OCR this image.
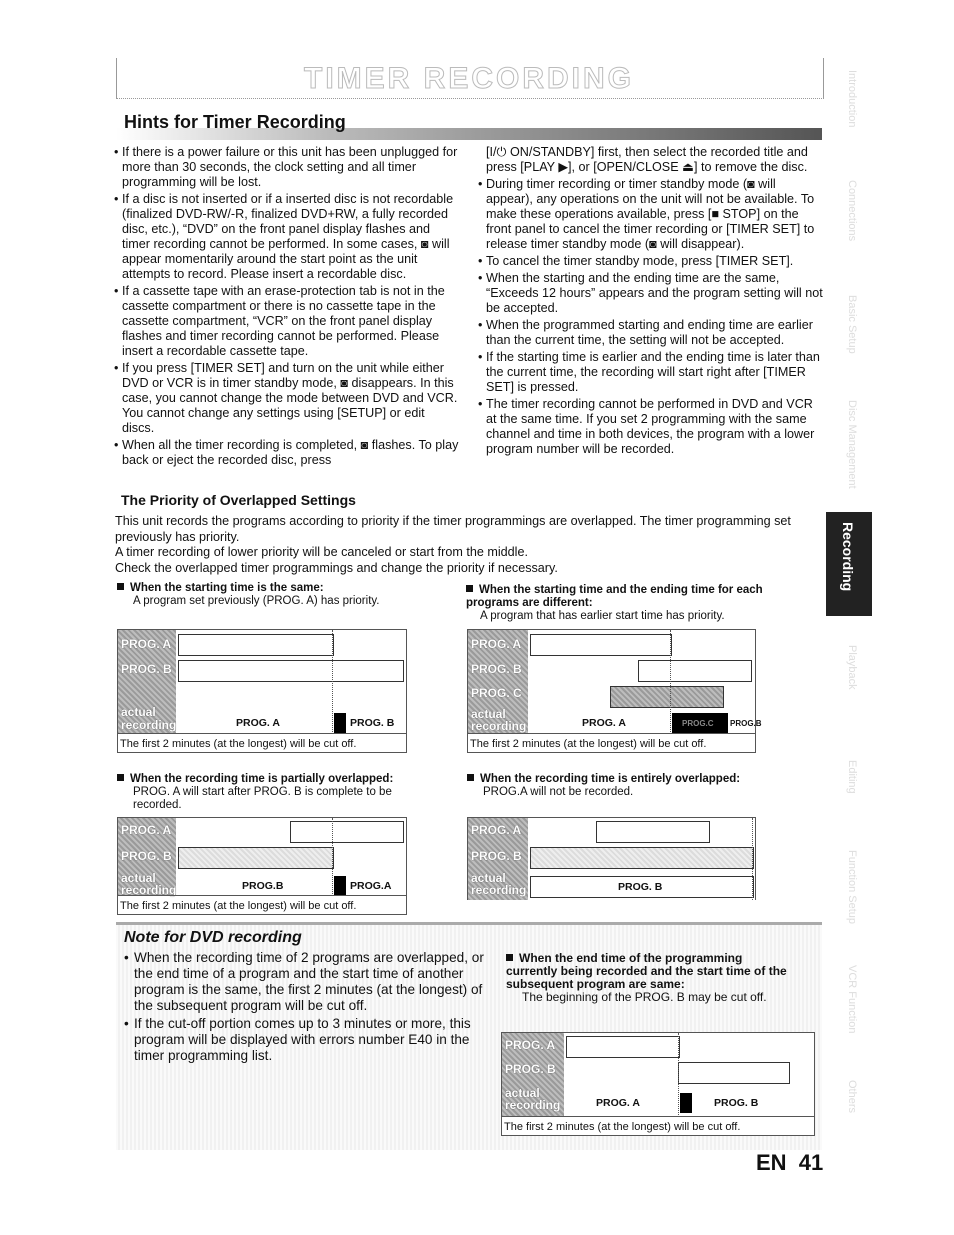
TIMER RECORDING
Hints for Timer Recording
• If there is a power failure or this unit has been unplugged for more than 30 seconds, the clock setting and all timer programming will be lost.
• If a disc is not inserted or if a inserted disc is not recordable (finalized DVD-RW/-R, finalized DVD+RW, a fully recorded disc, etc.), “DVD” on the front panel display flashes and timer recording cannot be performed. In some cases, ◙ will appear momentarily around the start point as the unit attempts to record. Please insert a recordable disc.
• If a cassette tape with an erase-protection tab is not in the cassette compartment or there is no cassette tape in the cassette compartment, “VCR” on the front panel display flashes and timer recording cannot be performed. Please insert a recordable cassette tape.
• If you press [TIMER SET] and turn on the unit while either DVD or VCR is in timer standby mode, ◙ disappears. In this case, you cannot change the mode between DVD and VCR. You cannot change any settings using [SETUP] or edit discs.
• When all the timer recording is completed, ◙ flashes. To play back or eject the recorded disc, press
[I/⏻ ON/STANDBY] first, then select the recorded title and press [PLAY ▶], or [OPEN/CLOSE ⏏] to remove the disc.
• During timer recording or timer standby mode (◙ will appear), any operations on the unit will not be available. To make these operations available, press [■ STOP] on the front panel to cancel the timer recording or [TIMER SET] to release timer standby mode (◙ will disappear).
• To cancel the timer standby mode, press [TIMER SET].
• When the starting and the ending time are the same, “Exceeds 12 hours” appears and the program setting will not be accepted.
• When the programmed starting and ending time are earlier than the current time, the setting will not be accepted.
• If the starting time is earlier and the ending time is later than the current time, the recording will start right after [TIMER SET] is pressed.
• The timer recording cannot be performed in DVD and VCR at the same time. If you set 2 programming with the same channel and time in both devices, the program with a lower program number will be recorded.
The Priority of Overlapped Settings

This unit records the programs according to priority if the timer programmings are overlapped. The timer programming set previously has priority.

A timer recording of lower priority will be canceled or start from the middle.

Check the overlapped timer programmings and change the priority if necessary.

When the starting time is the same:
A program set previously (PROG. A) has priority.
PROG. A
PROG. B
actual
recording	PROG. A	PROG. B
The first 2 minutes (at the longest) will be cut off.
When the starting time and the ending time for each programs are different:
A program that has earlier start time has priority.
PROG. A
PROG. B
PROG. C
actual
recording	PROG. A	PROG.C PROG.B
The first 2 minutes (at the longest) will be cut off.
When the recording time is partially overlapped:
PROG. A will start after PROG. B is complete to be recorded.
PROG. A
PROG. B
actual
recording	PROG.B	PROG.A
The first 2 minutes (at the longest) will be cut off.
When the recording time is entirely overlapped:
PROG.A will not be recorded.
PROG. A
PROG. B
actual
recording	PROG. B
Note for DVD recording
• When the recording time of 2 programs are overlapped, or the end time of a program and the start time of another program is the same, the first 2 minutes (at the longest) of the subsequent program will be cut off.
• If the cut-off portion comes up to 3 minutes or more, this program will be displayed with errors number E40 in the timer programming list.
When the end time of the programming currently being recorded and the start time of the subsequent program are same:
The beginning of the PROG. B may be cut off.
PROG. A
PROG. B
actual
recording	PROG. A	PROG. B
The first 2 minutes (at the longest) will be cut off.
Introduction
Connections
Basic Setup
Disc Management
Recording
Playback
Editing
Function Setup
VCR Function
Others
EN 41
